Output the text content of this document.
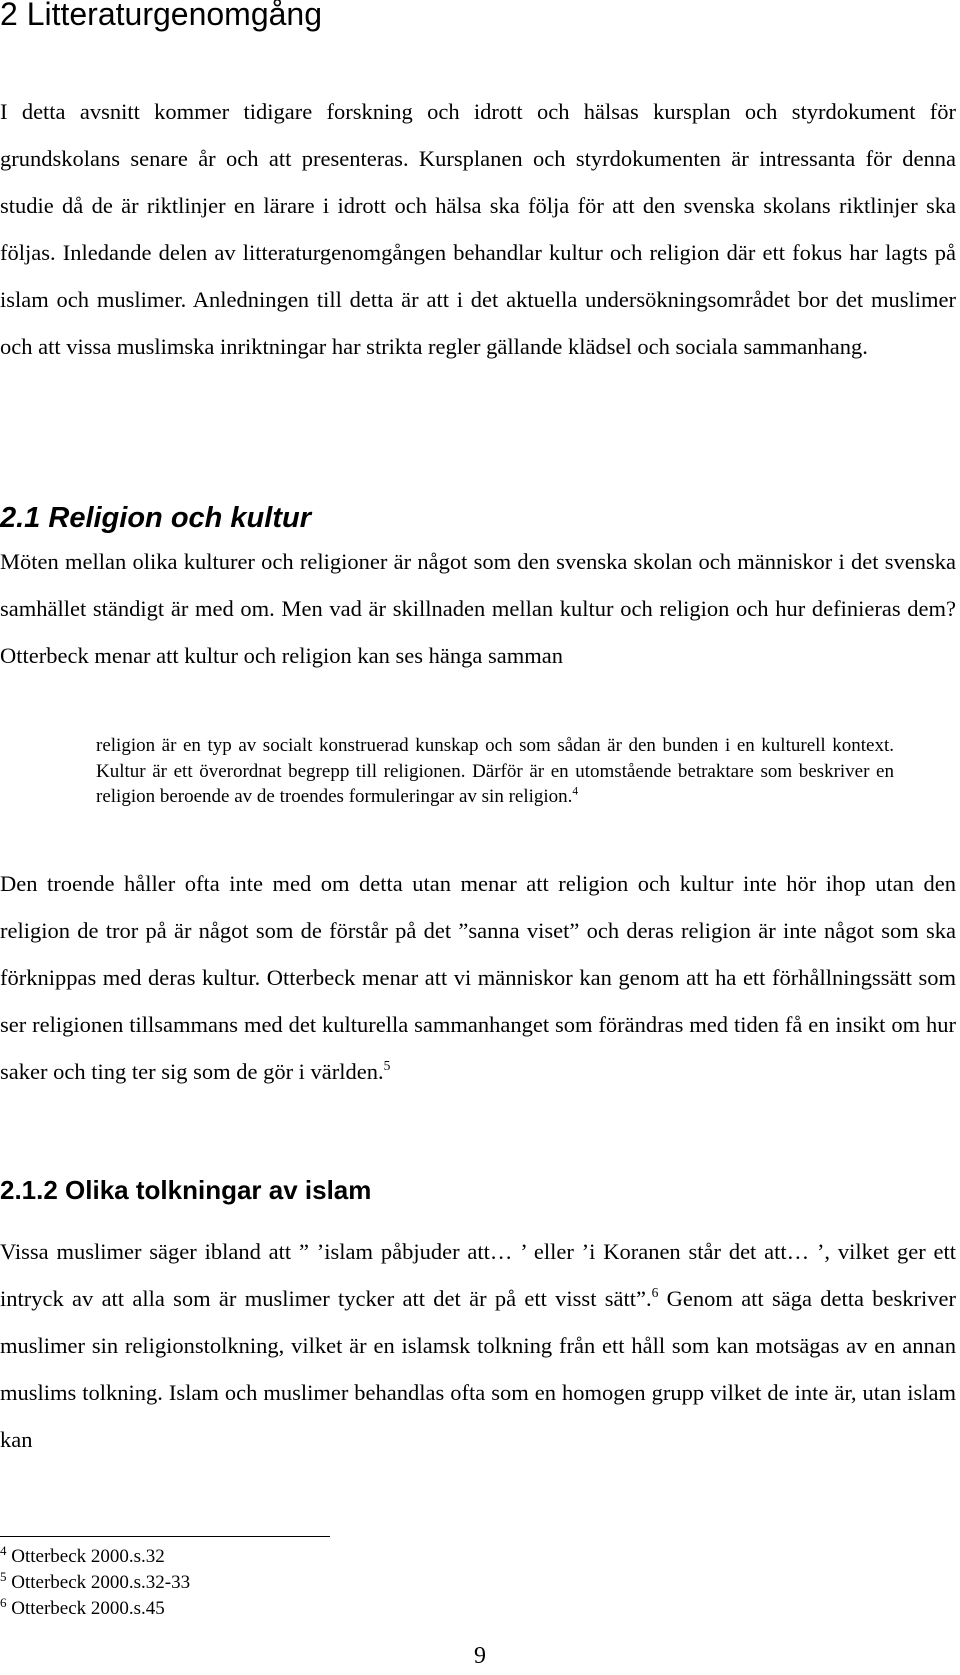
2 Litteraturgenomgång

I detta avsnitt kommer tidigare forskning och idrott och hälsas kursplan och styrdokument för grundskolans senare år och att presenteras. Kursplanen och styrdokumenten är intressanta för denna studie då de är riktlinjer en lärare i idrott och hälsa ska följa för att den svenska skolans riktlinjer ska följas. Inledande delen av litteraturgenomgången behandlar kultur och religion där ett fokus har lagts på islam och muslimer. Anledningen till detta är att i det aktuella undersökningsområdet bor det muslimer och att vissa muslimska inriktningar har strikta regler gällande klädsel och sociala sammanhang.

2.1 Religion och kultur

Möten mellan olika kulturer och religioner är något som den svenska skolan och människor i det svenska samhället ständigt är med om. Men vad är skillnaden mellan kultur och religion och hur definieras dem? Otterbeck menar att kultur och religion kan ses hänga samman

religion är en typ av socialt konstruerad kunskap och som sådan är den bunden i en kulturell kontext. Kultur är ett överordnat begrepp till religionen. Därför är en utomstående betraktare som beskriver en religion beroende av de troendes formuleringar av sin religion.$^4$

Den troende håller ofta inte med om detta utan menar att religion och kultur inte hör ihop utan den religion de tror på är något som de förstår på det ”sanna viset” och deras religion är inte något som ska förknippas med deras kultur. Otterbeck menar att vi människor kan genom att ha ett förhållningssätt som ser religionen tillsammans med det kulturella sammanhanget som förändras med tiden få en insikt om hur saker och ting ter sig som de gör i världen.$^5$

2.1.2 Olika tolkningar av islam

Vissa muslimer säger ibland att ” ’islam påbjuder att… ’ eller ’i Koranen står det att… ’, vilket ger ett intryck av att alla som är muslimer tycker att det är på ett visst sätt”.$^6$ Genom att säga detta beskriver muslimer sin religionstolkning, vilket är en islamsk tolkning från ett håll som kan motsägas av en annan muslims tolkning. Islam och muslimer behandlas ofta som en homogen grupp vilket de inte är, utan islam kan

$^4$ Otterbeck 2000.s.32
$^5$ Otterbeck 2000.s.32-33
$^6$ Otterbeck 2000.s.45
9
